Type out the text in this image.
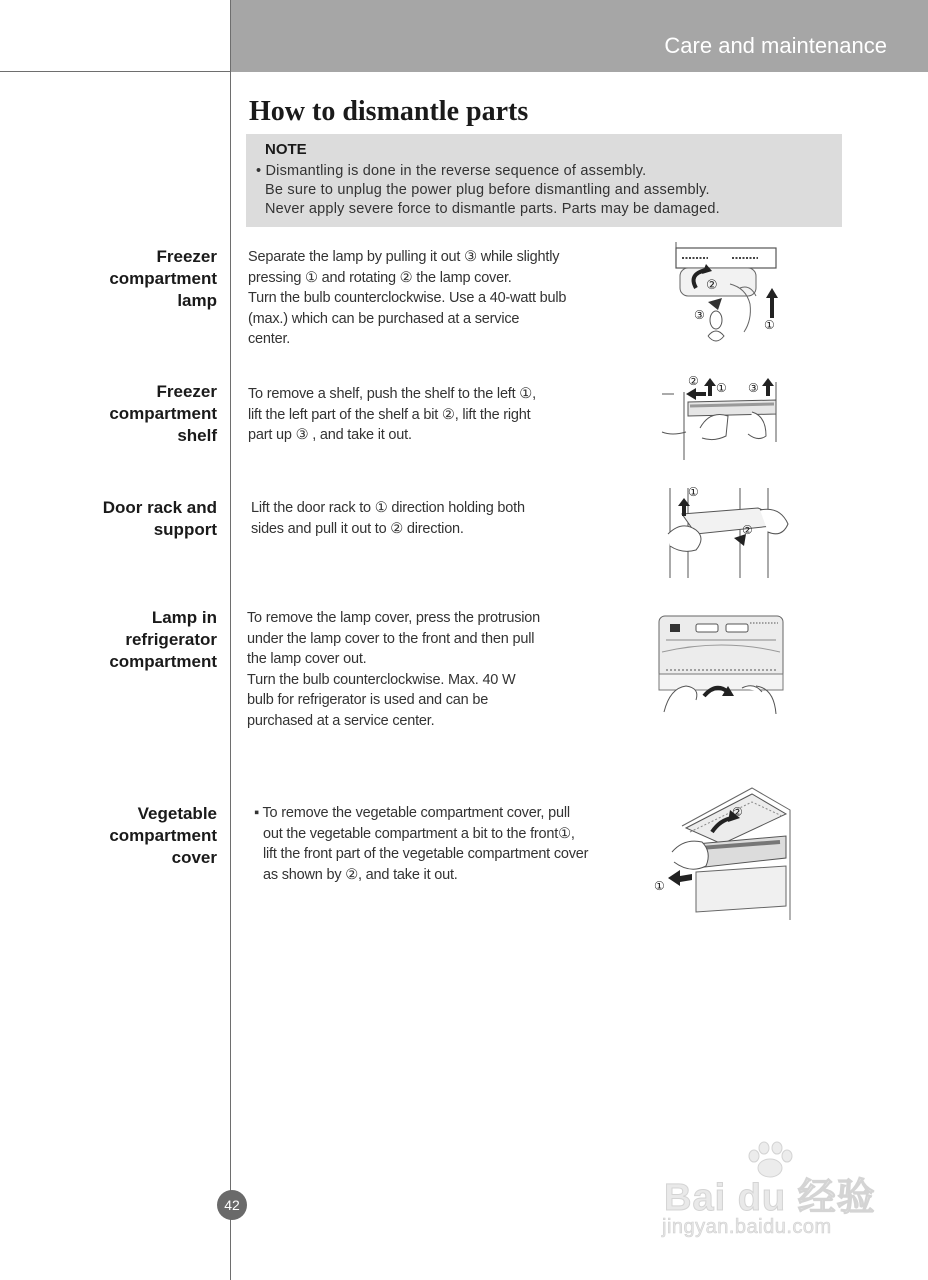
Care and maintenance
How to dismantle parts
NOTE
• Dismantling is done in the reverse sequence of assembly.
Be sure to unplug the power plug before dismantling and assembly.
Never apply severe force to dismantle parts. Parts may be damaged.
Freezer
compartment
lamp
Separate the lamp by pulling it out ③ while slightly
pressing ① and rotating ② the lamp cover.
Turn the bulb counterclockwise. Use a 40-watt bulb
(max.) which can be purchased at a service
center.
②
③
①
Freezer
compartment
shelf
To remove a shelf, push the shelf to the left ①,
lift the left part of the shelf a bit ②, lift the right
part up ③ , and take it out.
② ① ③
Door rack and
support
Lift the door rack to ① direction holding both
sides and pull it out to ② direction.
①
②
Lamp in
refrigerator
compartment
To remove the lamp cover, press the protrusion
under the lamp cover to the front and then pull
the lamp cover out.
Turn the bulb counterclockwise. Max. 40 W
bulb for refrigerator is used and can be
purchased at a service center.
Vegetable
compartment
cover
▪ To remove the vegetable compartment cover, pull
out the vegetable compartment a bit to the front①,
lift the front part of the vegetable compartment cover
as shown by ②, and take it out.
②
①
42	Bai du 经验
jingyan.baidu.com
